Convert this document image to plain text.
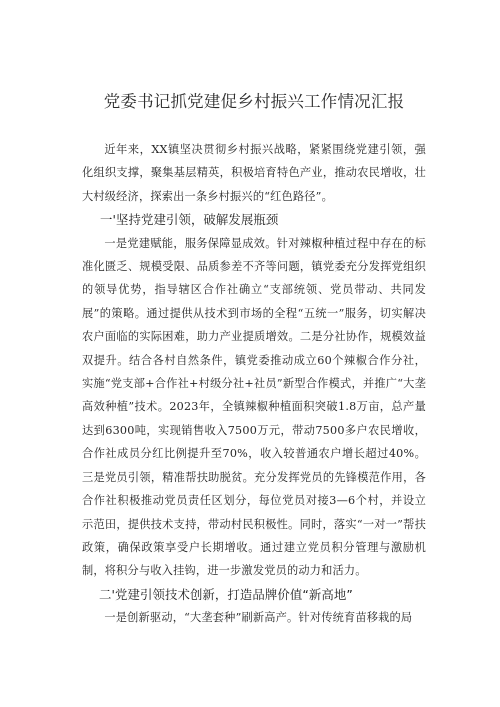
党委书记抓党建促乡村振兴工作情况汇报

近年来，XX镇坚决贯彻乡村振兴战略，紧紧围绕党建引领，强化组织支撑，聚集基层精英，积极培育特色产业，推动农民增收，壮大村级经济，探索出一条乡村振兴的“红色路径”。

一'坚持党建引领，破解发展瓶颈

一是党建赋能，服务保障显成效。针对辣椒种植过程中存在的标准化匮乏、规模受限、品质参差不齐等问题，镇党委充分发挥党组织的领导优势，指导辖区合作社确立“支部统领、党员带动、共同发展”的策略。通过提供从技术到市场的全程“五统一”服务，切实解决农户面临的实际困难，助力产业提质增效。二是分社协作，规模效益双提升。结合各村自然条件，镇党委推动成立60个辣椒合作分社，实施“党支部+合作社+村级分社+社员”新型合作模式，并推广“大垄高效种植”技术。2023年，全镇辣椒种植面积突破1.8万亩，总产量达到6300吨，实现销售收入7500万元，带动7500多户农民增收，合作社成员分红比例提升至70%，收入较普通农户增长超过40%。三是党员引领，精准帮扶助脱贫。充分发挥党员的先锋模范作用，各合作社积极推动党员责任区划分，每位党员对接3—6个村，并设立示范田，提供技术支持，带动村民积极性。同时，落实“一对一”帮扶政策，确保政策享受户长期增收。通过建立党员积分管理与激励机制，将积分与收入挂钩，进一步激发党员的动力和活力。

二'党建引领技术创新，打造品牌价值“新高地”

一是创新驱动，“大垄套种”刷新高产。针对传统育苗移栽的局
